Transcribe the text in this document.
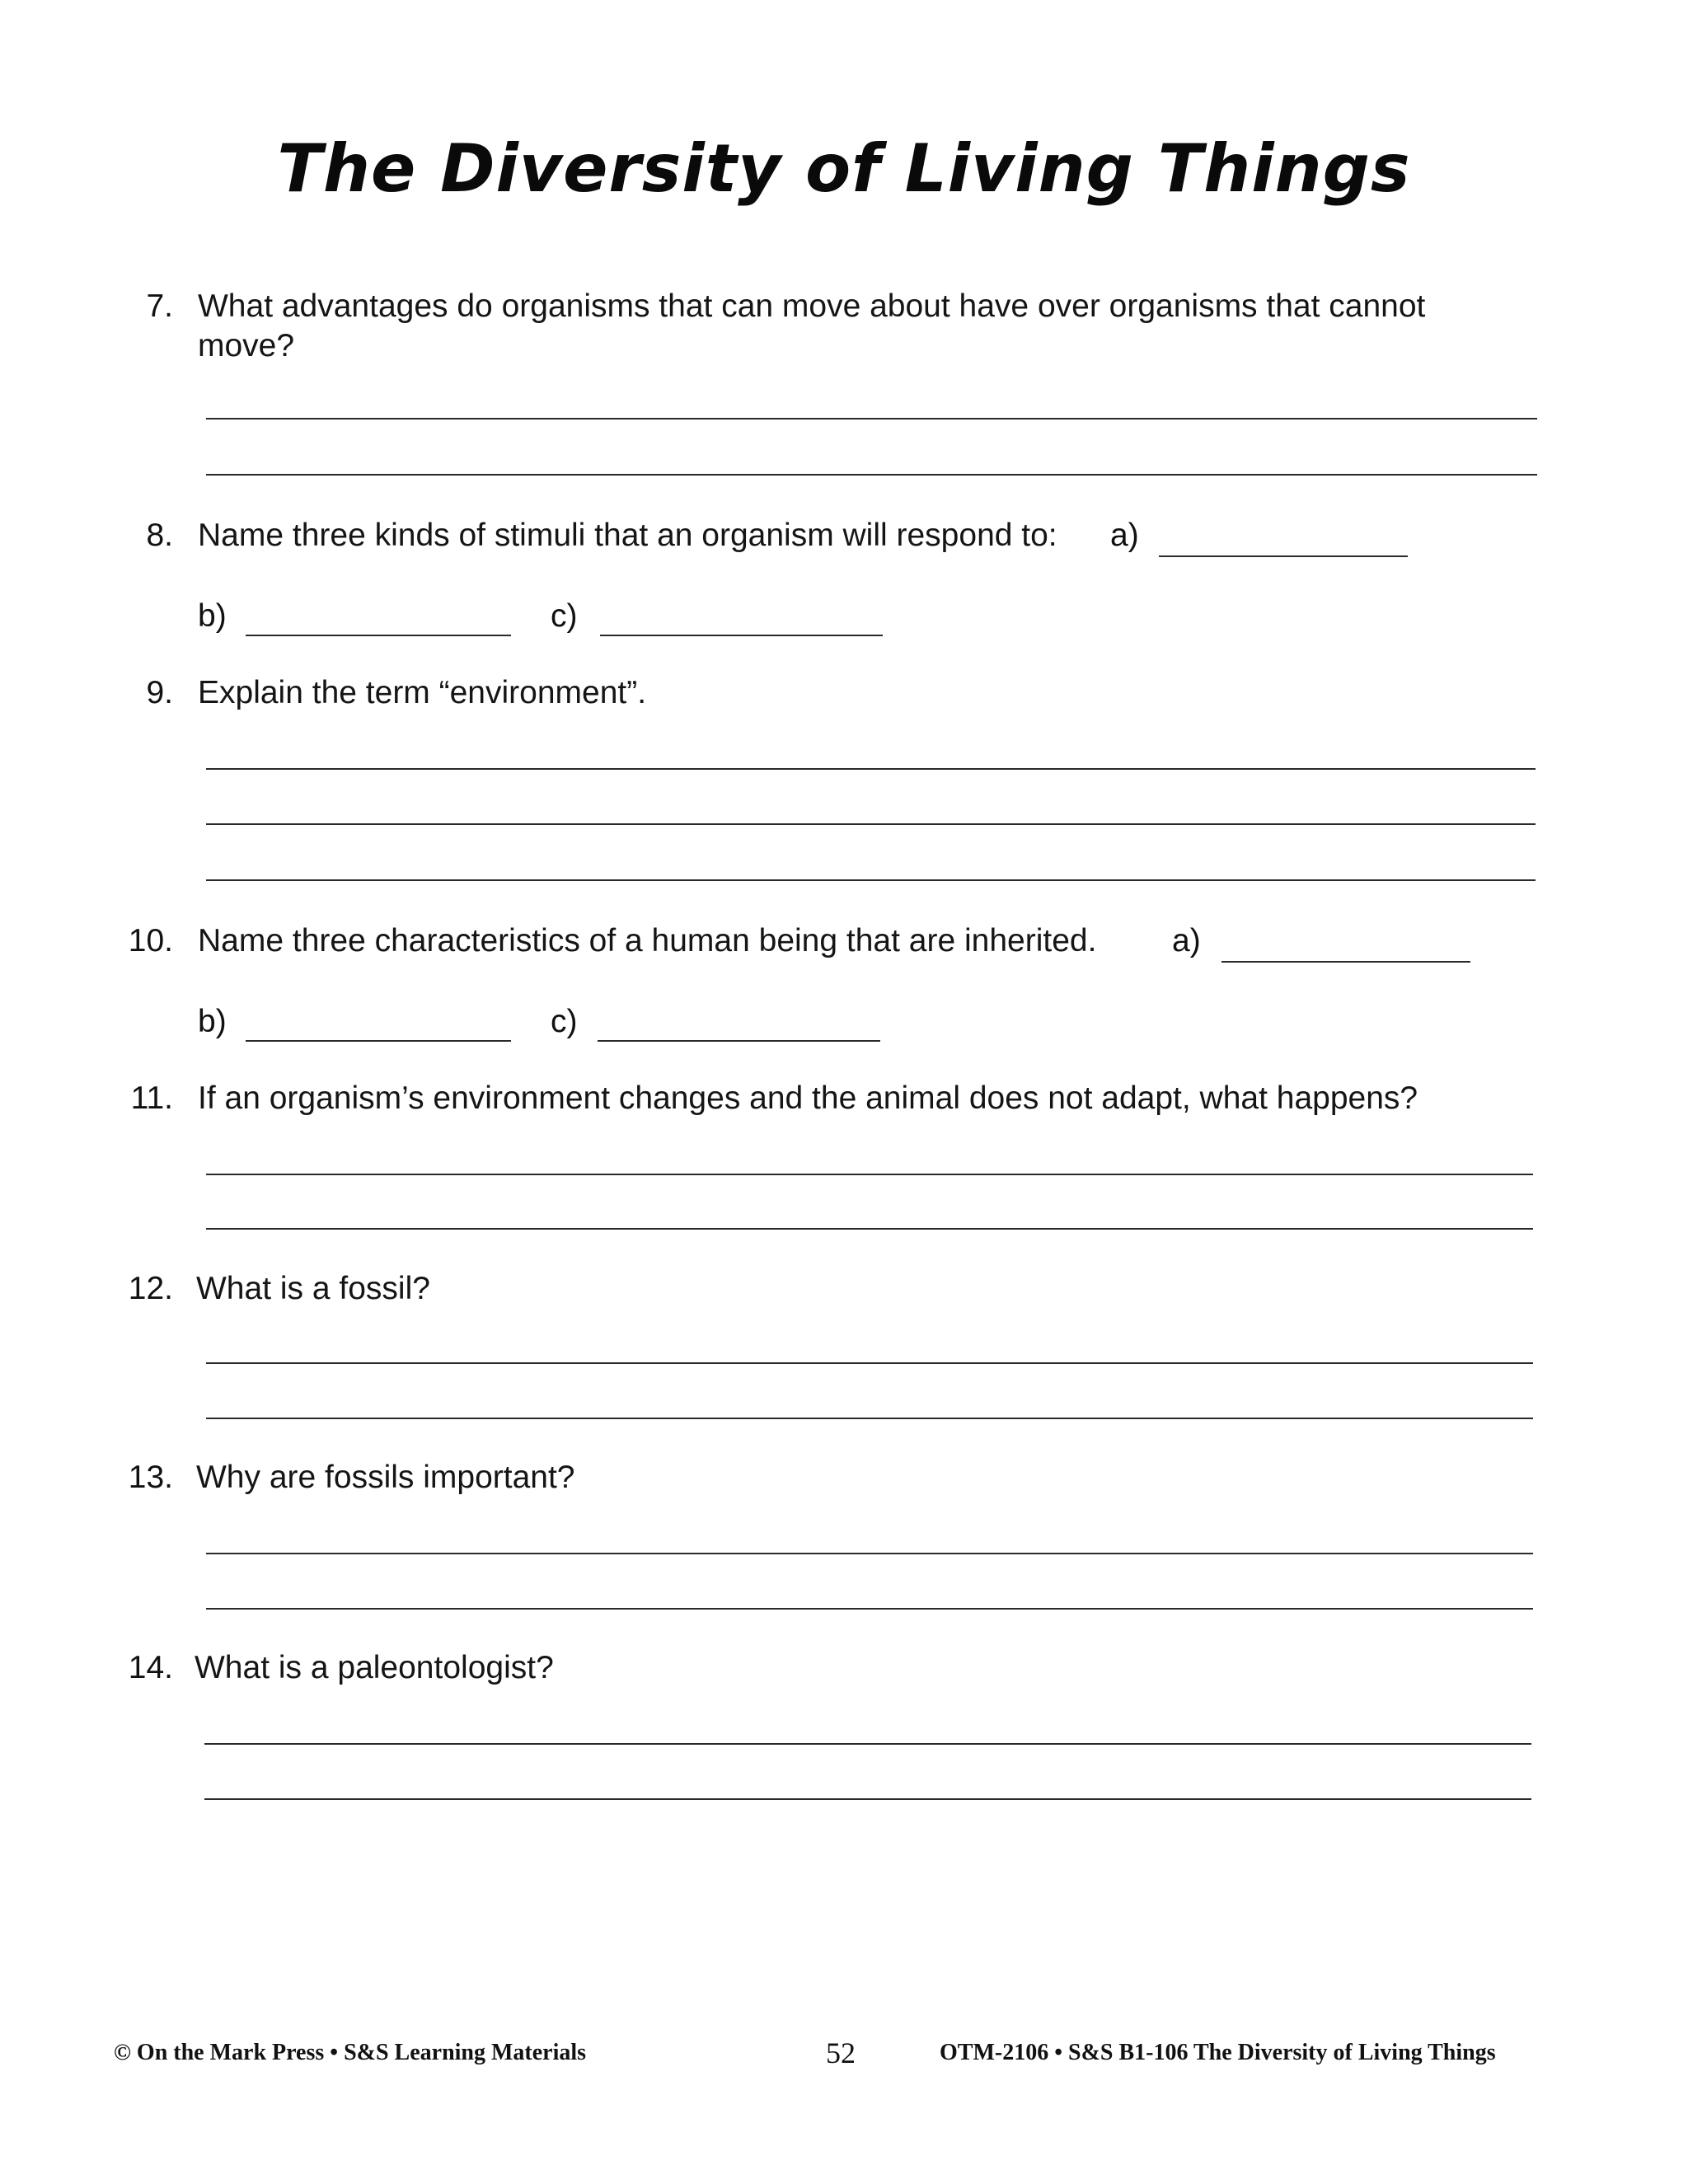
The Diversity of Living Things
7. What advantages do organisms that can move about have over organisms that cannot
move?
8. Name three kinds of stimuli that an organism will respond to: a)
b)	c)
9. Explain the term “environment”.
10. Name three characteristics of a human being that are inherited. a)
b)	c)
11. If an organism’s environment changes and the animal does not adapt, what happens?
12. What is a fossil?
13. Why are fossils important?
14. What is a paleontologist?
© On the Mark Press • S&S Learning Materials	52	OTM-2106 • S&S B1-106 The Diversity of Living Things
